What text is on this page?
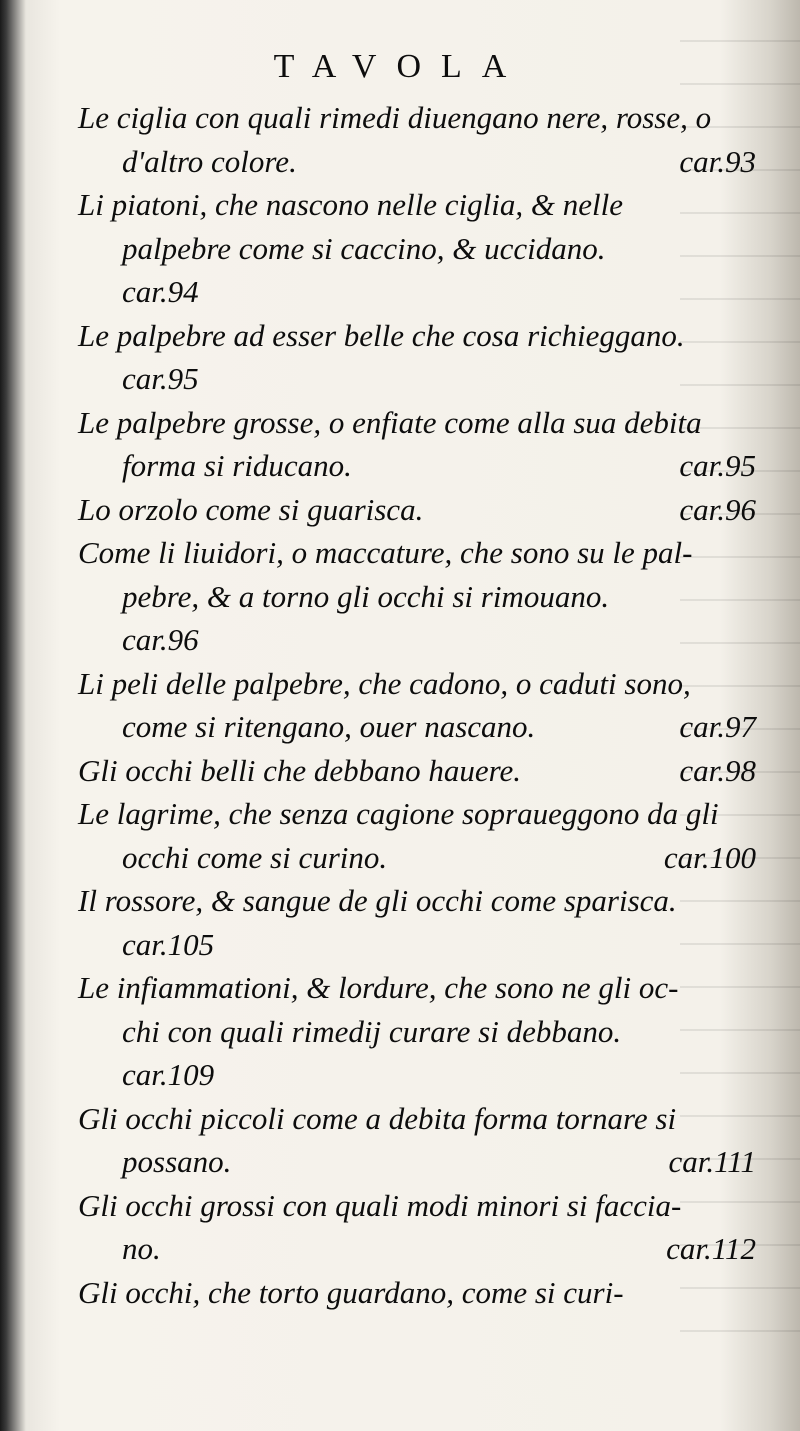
TAVOLA
Le ciglia con quali rimedi diuengano nere, rosse, o
d'altro colore.	car.93
Li piatoni, che nascono nelle ciglia, & nelle
palpebre come si caccino, & uccidano.
car.94
Le palpebre ad esser belle che cosa richieggano.
car.95
Le palpebre grosse, o enfiate come alla sua debita
forma si riducano.	car.95
Lo orzolo come si guarisca.	car.96
Come li liuidori, o maccature, che sono su le pal-
pebre, & a torno gli occhi si rimouano.
car.96
Li peli delle palpebre, che cadono, o caduti sono,
come si ritengano, ouer nascano.	car.97
Gli occhi belli che debbano hauere.	car.98
Le lagrime, che senza cagione sopraueggono da gli
occhi come si curino.	car.100
Il rossore, & sangue de gli occhi come sparisca.
car.105
Le infiammationi, & lordure, che sono ne gli oc-
chi con quali rimedij curare si debbano.
car.109
Gli occhi piccoli come a debita forma tornare si
possano.	car.111
Gli occhi grossi con quali modi minori si faccia-
no.	car.112
Gli occhi, che torto guardano, come si curi-
